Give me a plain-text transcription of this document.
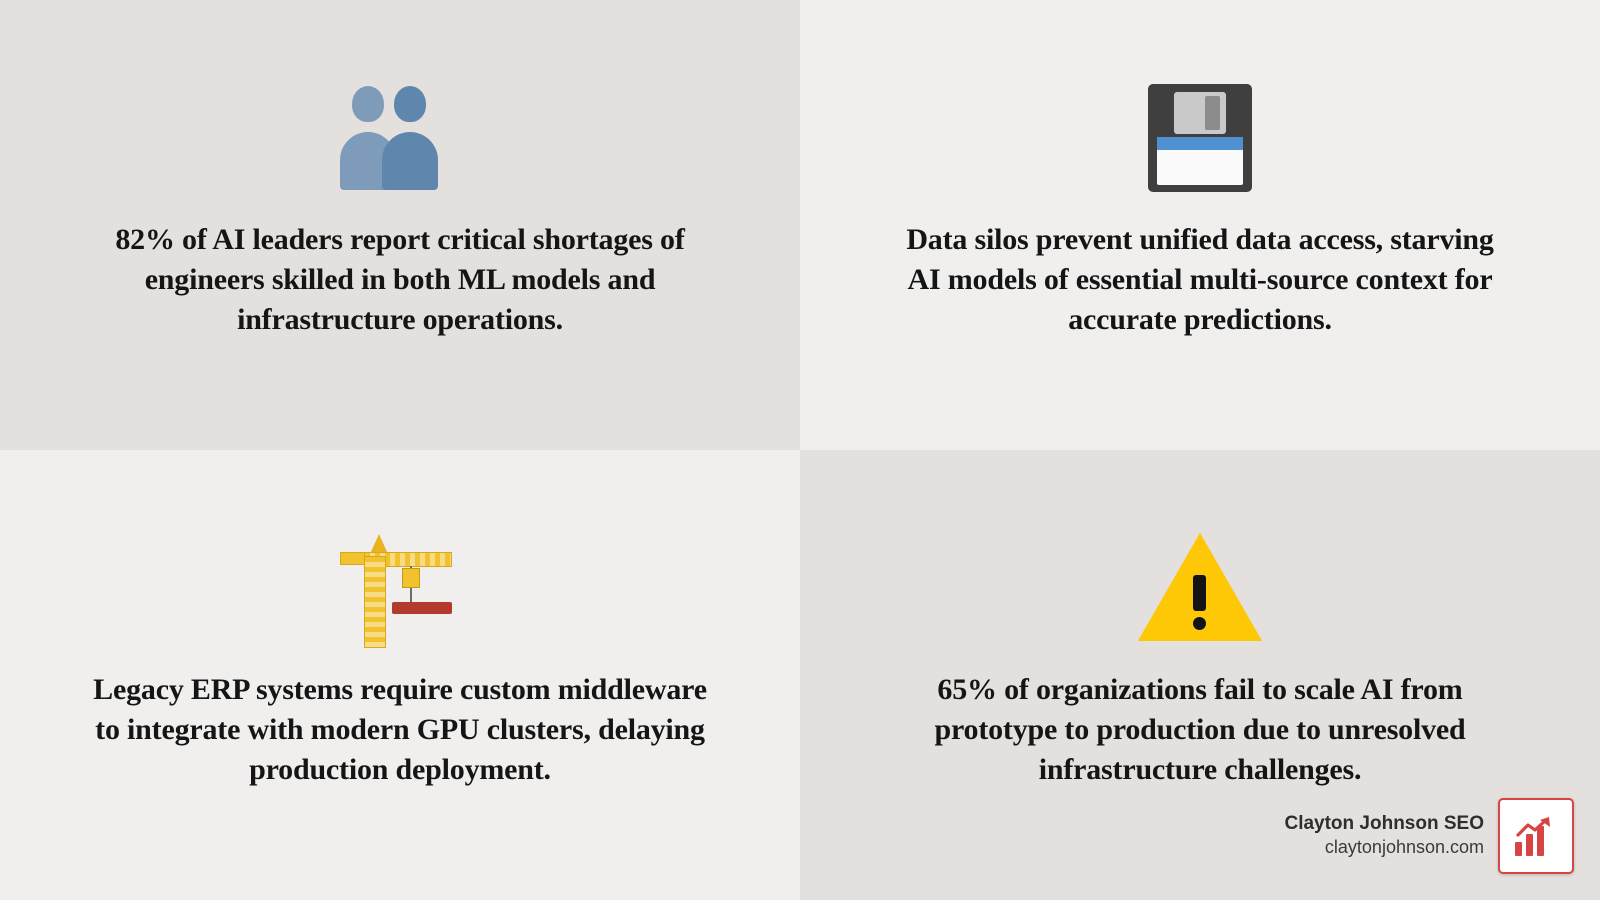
82% of AI leaders report critical shortages of engineers skilled in both ML models and infrastructure operations.
Data silos prevent unified data access, starving AI models of essential multi-source context for accurate predictions.
Legacy ERP systems require custom middleware to integrate with modern GPU clusters, delaying production deployment.
65% of organizations fail to scale AI from prototype to production due to unresolved infrastructure challenges.
Clayton Johnson SEO
claytonjohnson.com
